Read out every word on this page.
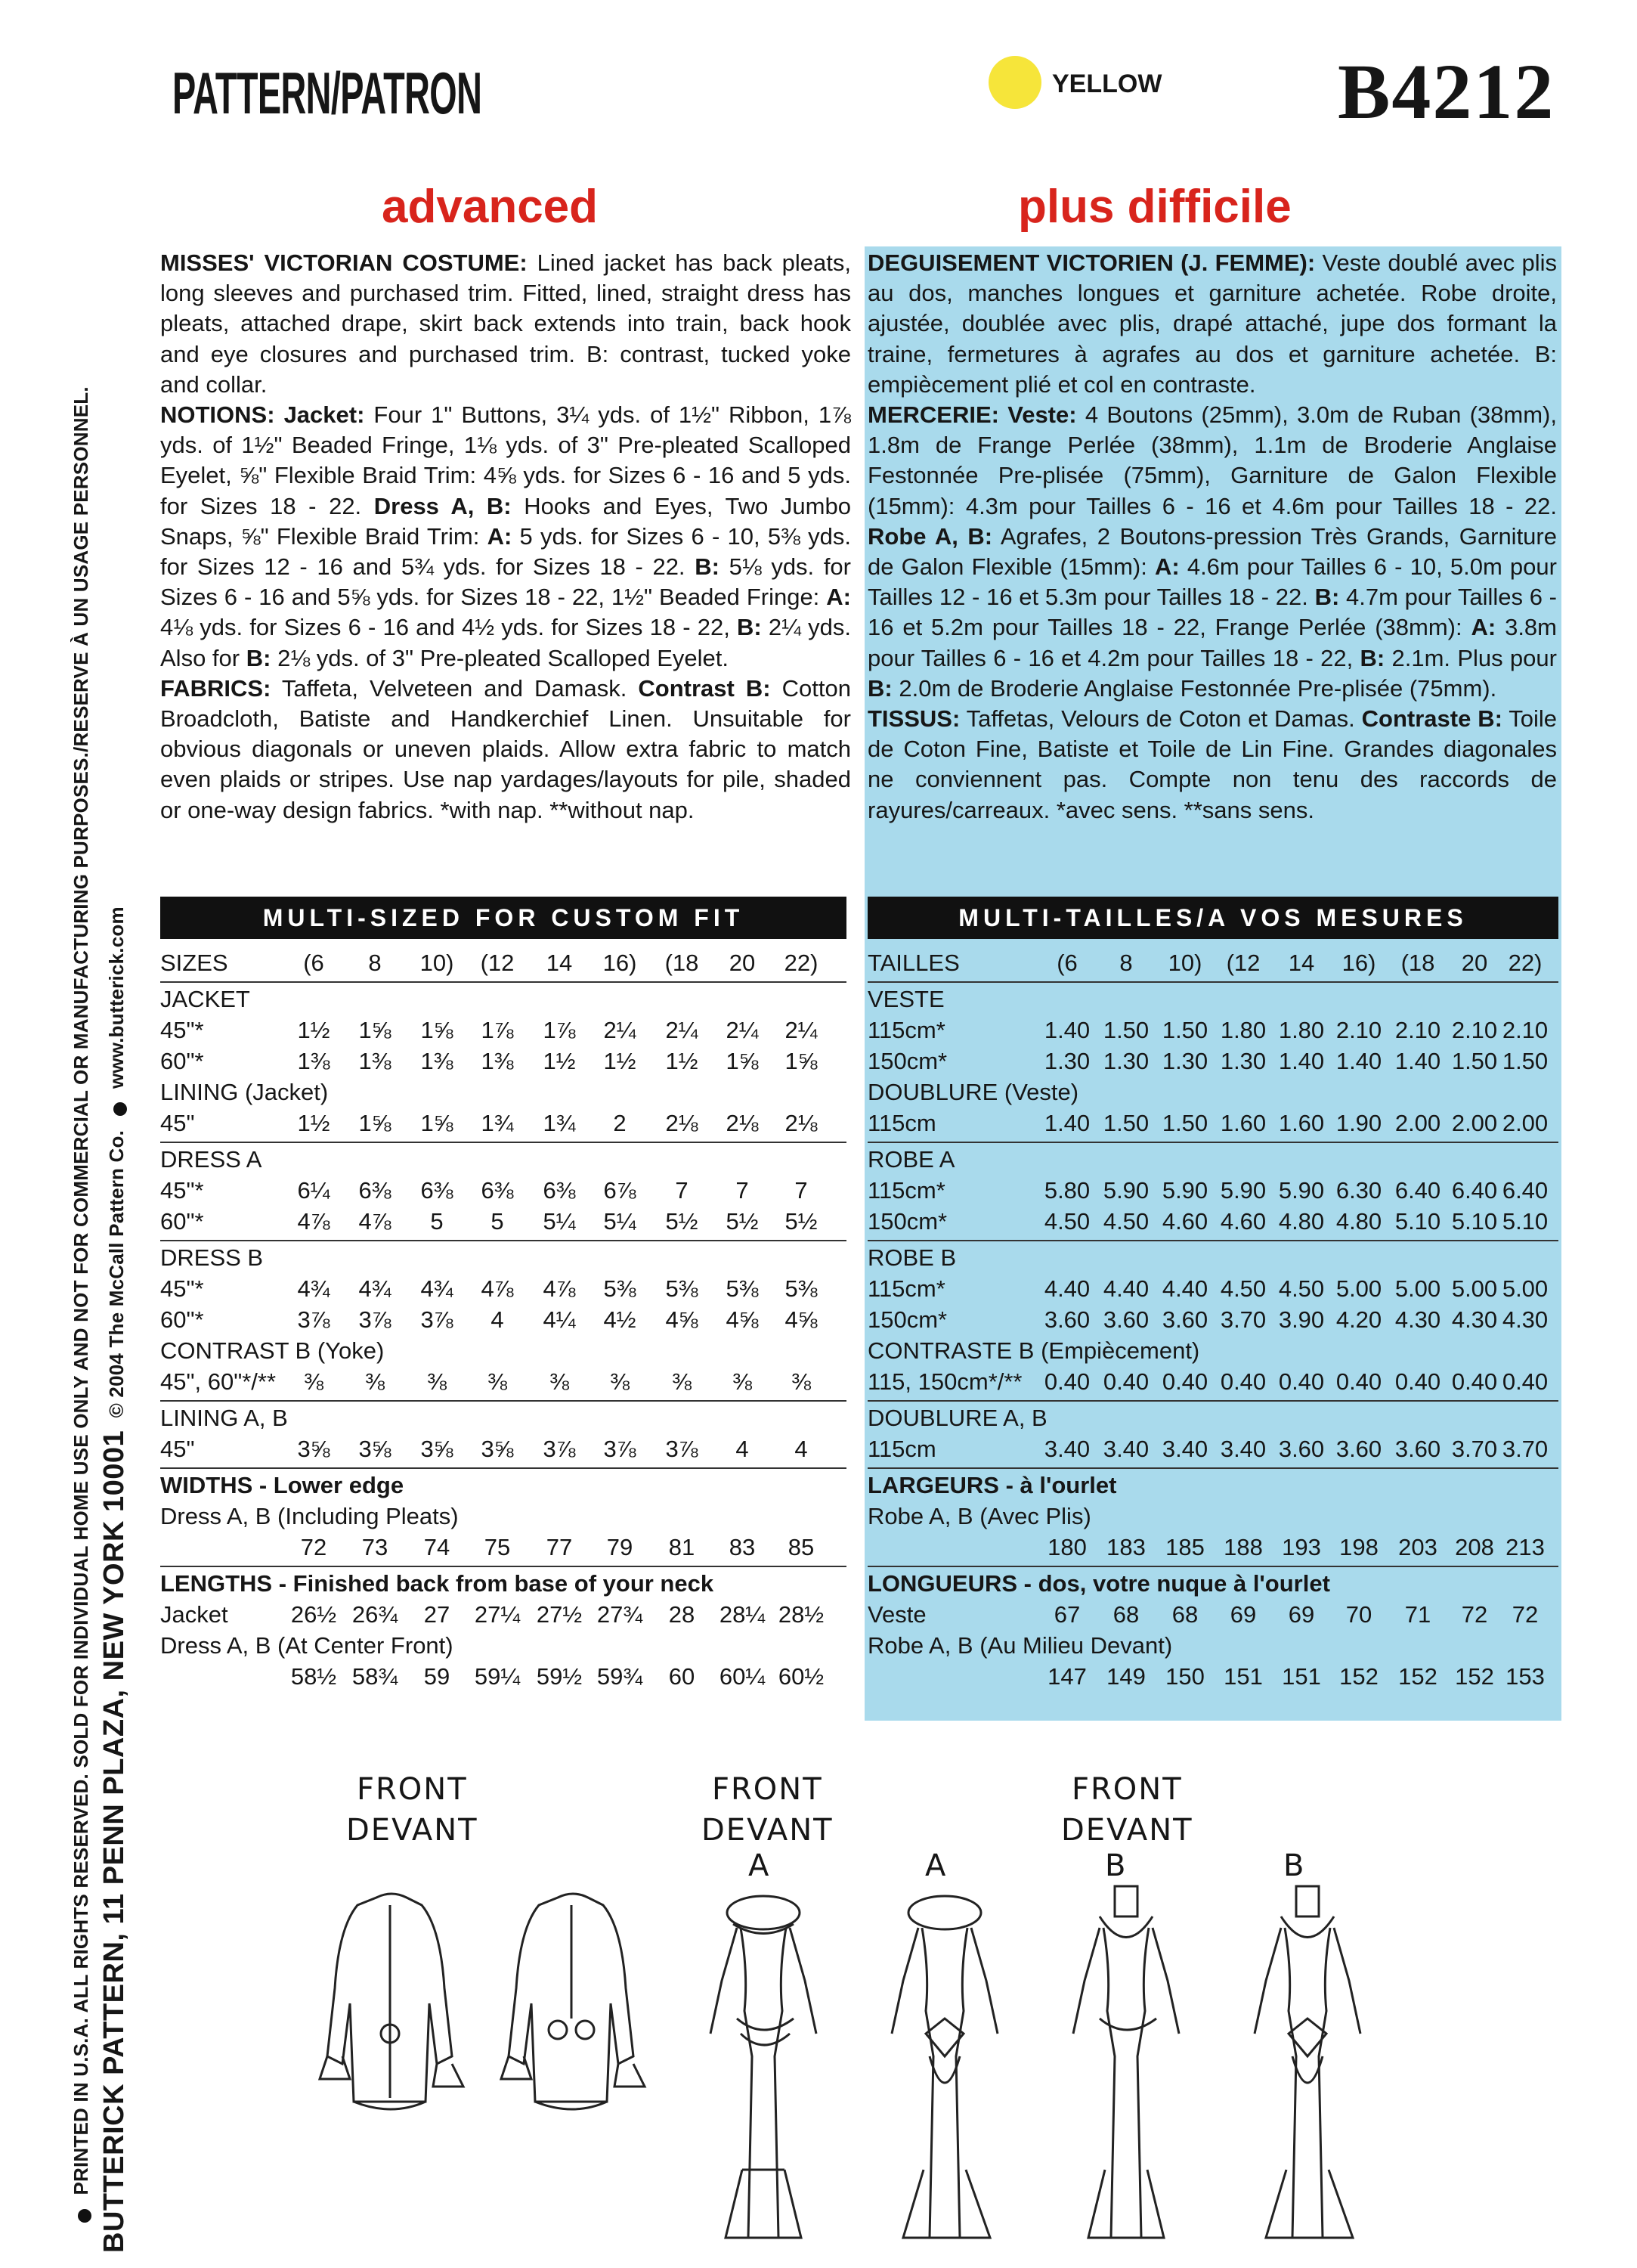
BUTTERICK PATTERN, 11 PENN PLAZA, NEW YORK 10001 © 2004 The McCall Pattern Co.  www.butterick.com
PRINTED IN U.S.A. ALL RIGHTS RESERVED. SOLD FOR INDIVIDUAL HOME USE ONLY AND NOT FOR COMMERCIAL OR MANUFACTURING PURPOSES./RESERVE À UN USAGE PERSONNEL.
PATTERN/PATRON	YELLOW B4212
advanced	plus difficile

MISSES' VICTORIAN COSTUME: Lined jacket has back pleats, long sleeves and purchased trim. Fitted, lined, straight dress has pleats, attached drape, skirt back extends into train, back hook and eye closures and purchased trim. B: contrast, tucked yoke and collar.

NOTIONS: Jacket: Four 1" Buttons, 3¼ yds. of 1½" Ribbon, 1⅞ yds. of 1½" Beaded Fringe, 1⅛ yds. of 3" Pre-pleated Scalloped Eyelet, ⅝" Flexible Braid Trim: 4⅝ yds. for Sizes 6 - 16 and 5 yds. for Sizes 18 - 22. Dress A, B: Hooks and Eyes, Two Jumbo Snaps, ⅝" Flexible Braid Trim: A: 5 yds. for Sizes 6 - 10, 5⅜ yds. for Sizes 12 - 16 and 5¾ yds. for Sizes 18 - 22. B: 5⅛ yds. for Sizes 6 - 16 and 5⅝ yds. for Sizes 18 - 22, 1½" Beaded Fringe: A: 4⅛ yds. for Sizes 6 - 16 and 4½ yds. for Sizes 18 - 22, B: 2¼ yds. Also for B: 2⅛ yds. of 3" Pre-pleated Scalloped Eyelet.

FABRICS: Taffeta, Velveteen and Damask. Contrast B: Cotton Broadcloth, Batiste and Handkerchief Linen. Unsuitable for obvious diagonals or uneven plaids. Allow extra fabric to match even plaids or stripes. Use nap yardages/layouts for pile, shaded or one-way design fabrics. *with nap. **without nap.

DEGUISEMENT VICTORIEN (J. FEMME): Veste doublé avec plis au dos, manches longues et garniture achetée. Robe droite, ajustée, doublée avec plis, drapé attaché, jupe dos formant la traine, fermetures à agrafes au dos et garniture achetée. B: empiècement plié et col en contraste.

MERCERIE: Veste: 4 Boutons (25mm), 3.0m de Ruban (38mm), 1.8m de Frange Perlée (38mm), 1.1m de Broderie Anglaise Festonnée Pre-plisée (75mm), Garniture de Galon Flexible (15mm): 4.3m pour Tailles 6 - 16 et 4.6m pour Tailles 18 - 22. Robe A, B: Agrafes, 2 Boutons-pression Très Grands, Garniture de Galon Flexible (15mm): A: 4.6m pour Tailles 6 - 10, 5.0m pour Tailles 12 - 16 et 5.3m pour Tailles 18 - 22. B: 4.7m pour Tailles 6 - 16 et 5.2m pour Tailles 18 - 22, Frange Perlée (38mm): A: 3.8m pour Tailles 6 - 16 et 4.2m pour Tailles 18 - 22, B: 2.1m. Plus pour B: 2.0m de Broderie Anglaise Festonnée Pre-plisée (75mm).

TISSUS: Taffetas, Velours de Coton et Damas. Contraste B: Toile de Coton Fine, Batiste et Toile de Lin Fine. Grandes diagonales ne conviennent pas. Compte non tenu des raccords de rayures/carreaux. *avec sens. **sans sens.

MULTI-SIZED FOR CUSTOM FIT	MULTI-TAILLES/A VOS MESURES
SIZES	(6	8	10)	(12	14	16)	(18	20	22)
JACKET
45"*	1½	1⅝	1⅝	1⅞	1⅞	2¼	2¼	2¼	2¼
60"*	1⅜	1⅜	1⅜	1⅜	1½	1½	1½	1⅝	1⅝
LINING (Jacket)
45"	1½	1⅝	1⅝	1¾	1¾	2	2⅛	2⅛	2⅛
DRESS A
45"*	6¼	6⅜	6⅜	6⅜	6⅜	6⅞	7	7	7
60"*	4⅞	4⅞	5	5	5¼	5¼	5½	5½	5½
DRESS B
45"*	4¾	4¾	4¾	4⅞	4⅞	5⅜	5⅜	5⅜	5⅜
60"*	3⅞	3⅞	3⅞	4	4¼	4½	4⅝	4⅝	4⅝
CONTRAST B (Yoke)
45", 60"*/**	⅜	⅜	⅜	⅜	⅜	⅜	⅜	⅜	⅜
LINING A, B
45"	3⅝	3⅝	3⅝	3⅝	3⅞	3⅞	3⅞	4	4
WIDTHS - Lower edge
Dress A, B (Including Pleats)
72	73	74	75	77	79	81	83	85
LENGTHS - Finished back from base of your neck
Jacket	26½ 26¾	27	27¼ 27½ 27¾	28	28¼ 28½
Dress A, B (At Center Front)
58½ 58¾	59	59¼ 59½ 59¾	60	60¼ 60½
TAILLES	(6	8	10)	(12	14	16)	(18	20 22)
VESTE
115cm*	1.40 1.50 1.50 1.80 1.80 2.10 2.10 2.10 2.10
150cm*	1.30 1.30 1.30 1.30 1.40 1.40 1.40 1.50 1.50
DOUBLURE (Veste)
115cm	1.40 1.50 1.50 1.60 1.60 1.90 2.00 2.00 2.00
ROBE A
115cm*	5.80 5.90 5.90 5.90 5.90 6.30 6.40 6.40 6.40
150cm*	4.50 4.50 4.60 4.60 4.80 4.80 5.10 5.10 5.10
ROBE B
115cm*	4.40 4.40 4.40 4.50 4.50 5.00 5.00 5.00 5.00
150cm*	3.60 3.60 3.60 3.70 3.90 4.20 4.30 4.30 4.30
CONTRASTE B (Empiècement)
115, 150cm*/** 0.40 0.40 0.40 0.40 0.40 0.40 0.40 0.40 0.40
DOUBLURE A, B
115cm	3.40 3.40 3.40 3.40 3.60 3.60 3.60 3.70 3.70
LARGEURS - à l'ourlet
Robe A, B (Avec Plis)
180 183 185 188 193 198 203 208 213
LONGUEURS - dos, votre nuque à l'ourlet
Veste	67	68	68	69	69	70	71	72	72
Robe A, B (Au Milieu Devant)
147 149 150 151 151 152 152 152 153
FRONT
DEVANT
FRONT
DEVANT
FRONT
DEVANT
A	A	B	B
